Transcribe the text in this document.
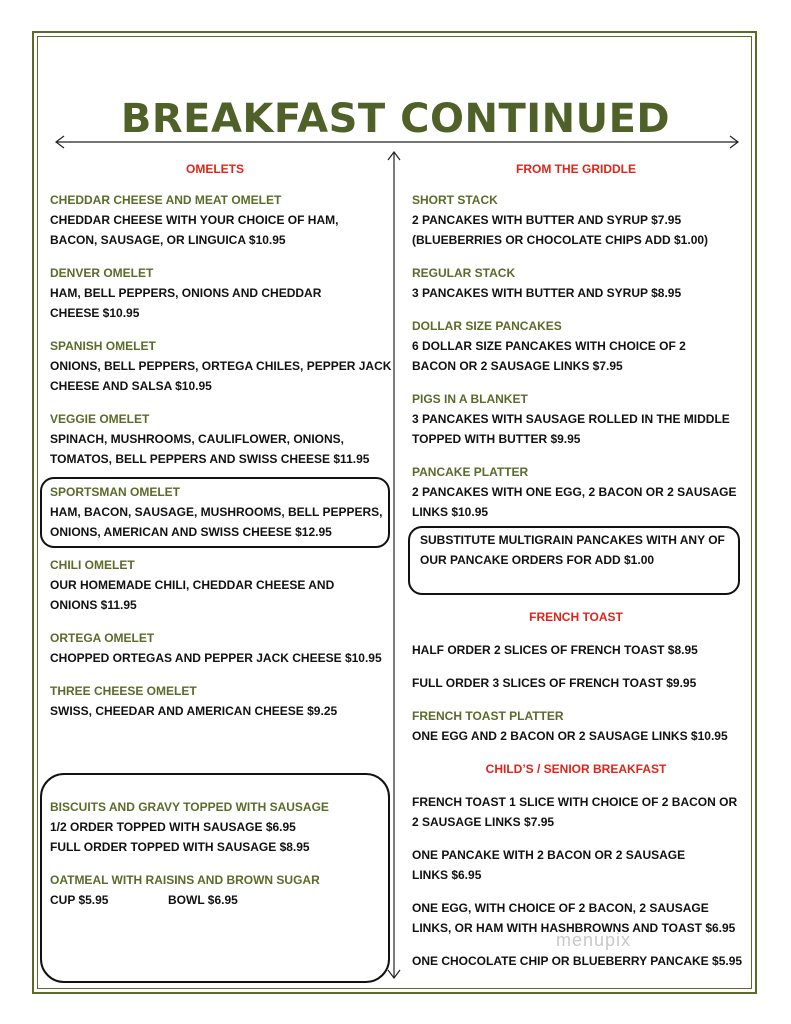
BREAKFAST CONTINUED
OMELETS
CHEDDAR CHEESE AND MEAT OMELET
CHEDDAR CHEESE WITH YOUR CHOICE OF HAM,
BACON, SAUSAGE, OR LINGUICA $10.95
DENVER OMELET
HAM, BELL PEPPERS, ONIONS AND CHEDDAR
CHEESE $10.95
SPANISH OMELET
ONIONS, BELL PEPPERS, ORTEGA CHILES, PEPPER JACK
CHEESE AND SALSA $10.95
VEGGIE OMELET
SPINACH, MUSHROOMS, CAULIFLOWER, ONIONS,
TOMATOS, BELL PEPPERS AND SWISS CHEESE $11.95
SPORTSMAN OMELET
HAM, BACON, SAUSAGE, MUSHROOMS, BELL PEPPERS,
ONIONS, AMERICAN AND SWISS CHEESE $12.95
CHILI OMELET
OUR HOMEMADE CHILI, CHEDDAR CHEESE AND
ONIONS $11.95
ORTEGA OMELET
CHOPPED ORTEGAS AND PEPPER JACK CHEESE $10.95
THREE CHEESE OMELET
SWISS, CHEEDAR AND AMERICAN CHEESE $9.25
BISCUITS AND GRAVY TOPPED WITH SAUSAGE
1/2 ORDER TOPPED WITH SAUSAGE $6.95
FULL ORDER TOPPED WITH SAUSAGE $8.95
OATMEAL WITH RAISINS AND BROWN SUGAR
CUP $5.95	BOWL $6.95
FROM THE GRIDDLE
SHORT STACK
2 PANCAKES WITH BUTTER AND SYRUP $7.95
(BLUEBERRIES OR CHOCOLATE CHIPS ADD $1.00)
REGULAR STACK
3 PANCAKES WITH BUTTER AND SYRUP $8.95
DOLLAR SIZE PANCAKES
6 DOLLAR SIZE PANCAKES WITH CHOICE OF 2
BACON OR 2 SAUSAGE LINKS $7.95
PIGS IN A BLANKET
3 PANCAKES WITH SAUSAGE ROLLED IN THE MIDDLE
TOPPED WITH BUTTER $9.95
PANCAKE PLATTER
2 PANCAKES WITH ONE EGG, 2 BACON OR 2 SAUSAGE
LINKS $10.95
SUBSTITUTE MULTIGRAIN PANCAKES WITH ANY OF
OUR PANCAKE ORDERS FOR ADD $1.00
FRENCH TOAST
HALF ORDER 2 SLICES OF FRENCH TOAST $8.95
FULL ORDER 3 SLICES OF FRENCH TOAST $9.95
FRENCH TOAST PLATTER
ONE EGG AND 2 BACON OR 2 SAUSAGE LINKS $10.95
CHILD’S / SENIOR BREAKFAST
FRENCH TOAST 1 SLICE WITH CHOICE OF 2 BACON OR
2 SAUSAGE LINKS $7.95
ONE PANCAKE WITH 2 BACON OR 2 SAUSAGE
LINKS $6.95
ONE EGG, WITH CHOICE OF 2 BACON, 2 SAUSAGE
LINKS, OR HAM WITH HASHBROWNS AND TOAST $6.95
ONE CHOCOLATE CHIP OR BLUEBERRY PANCAKE $5.95
menupix
